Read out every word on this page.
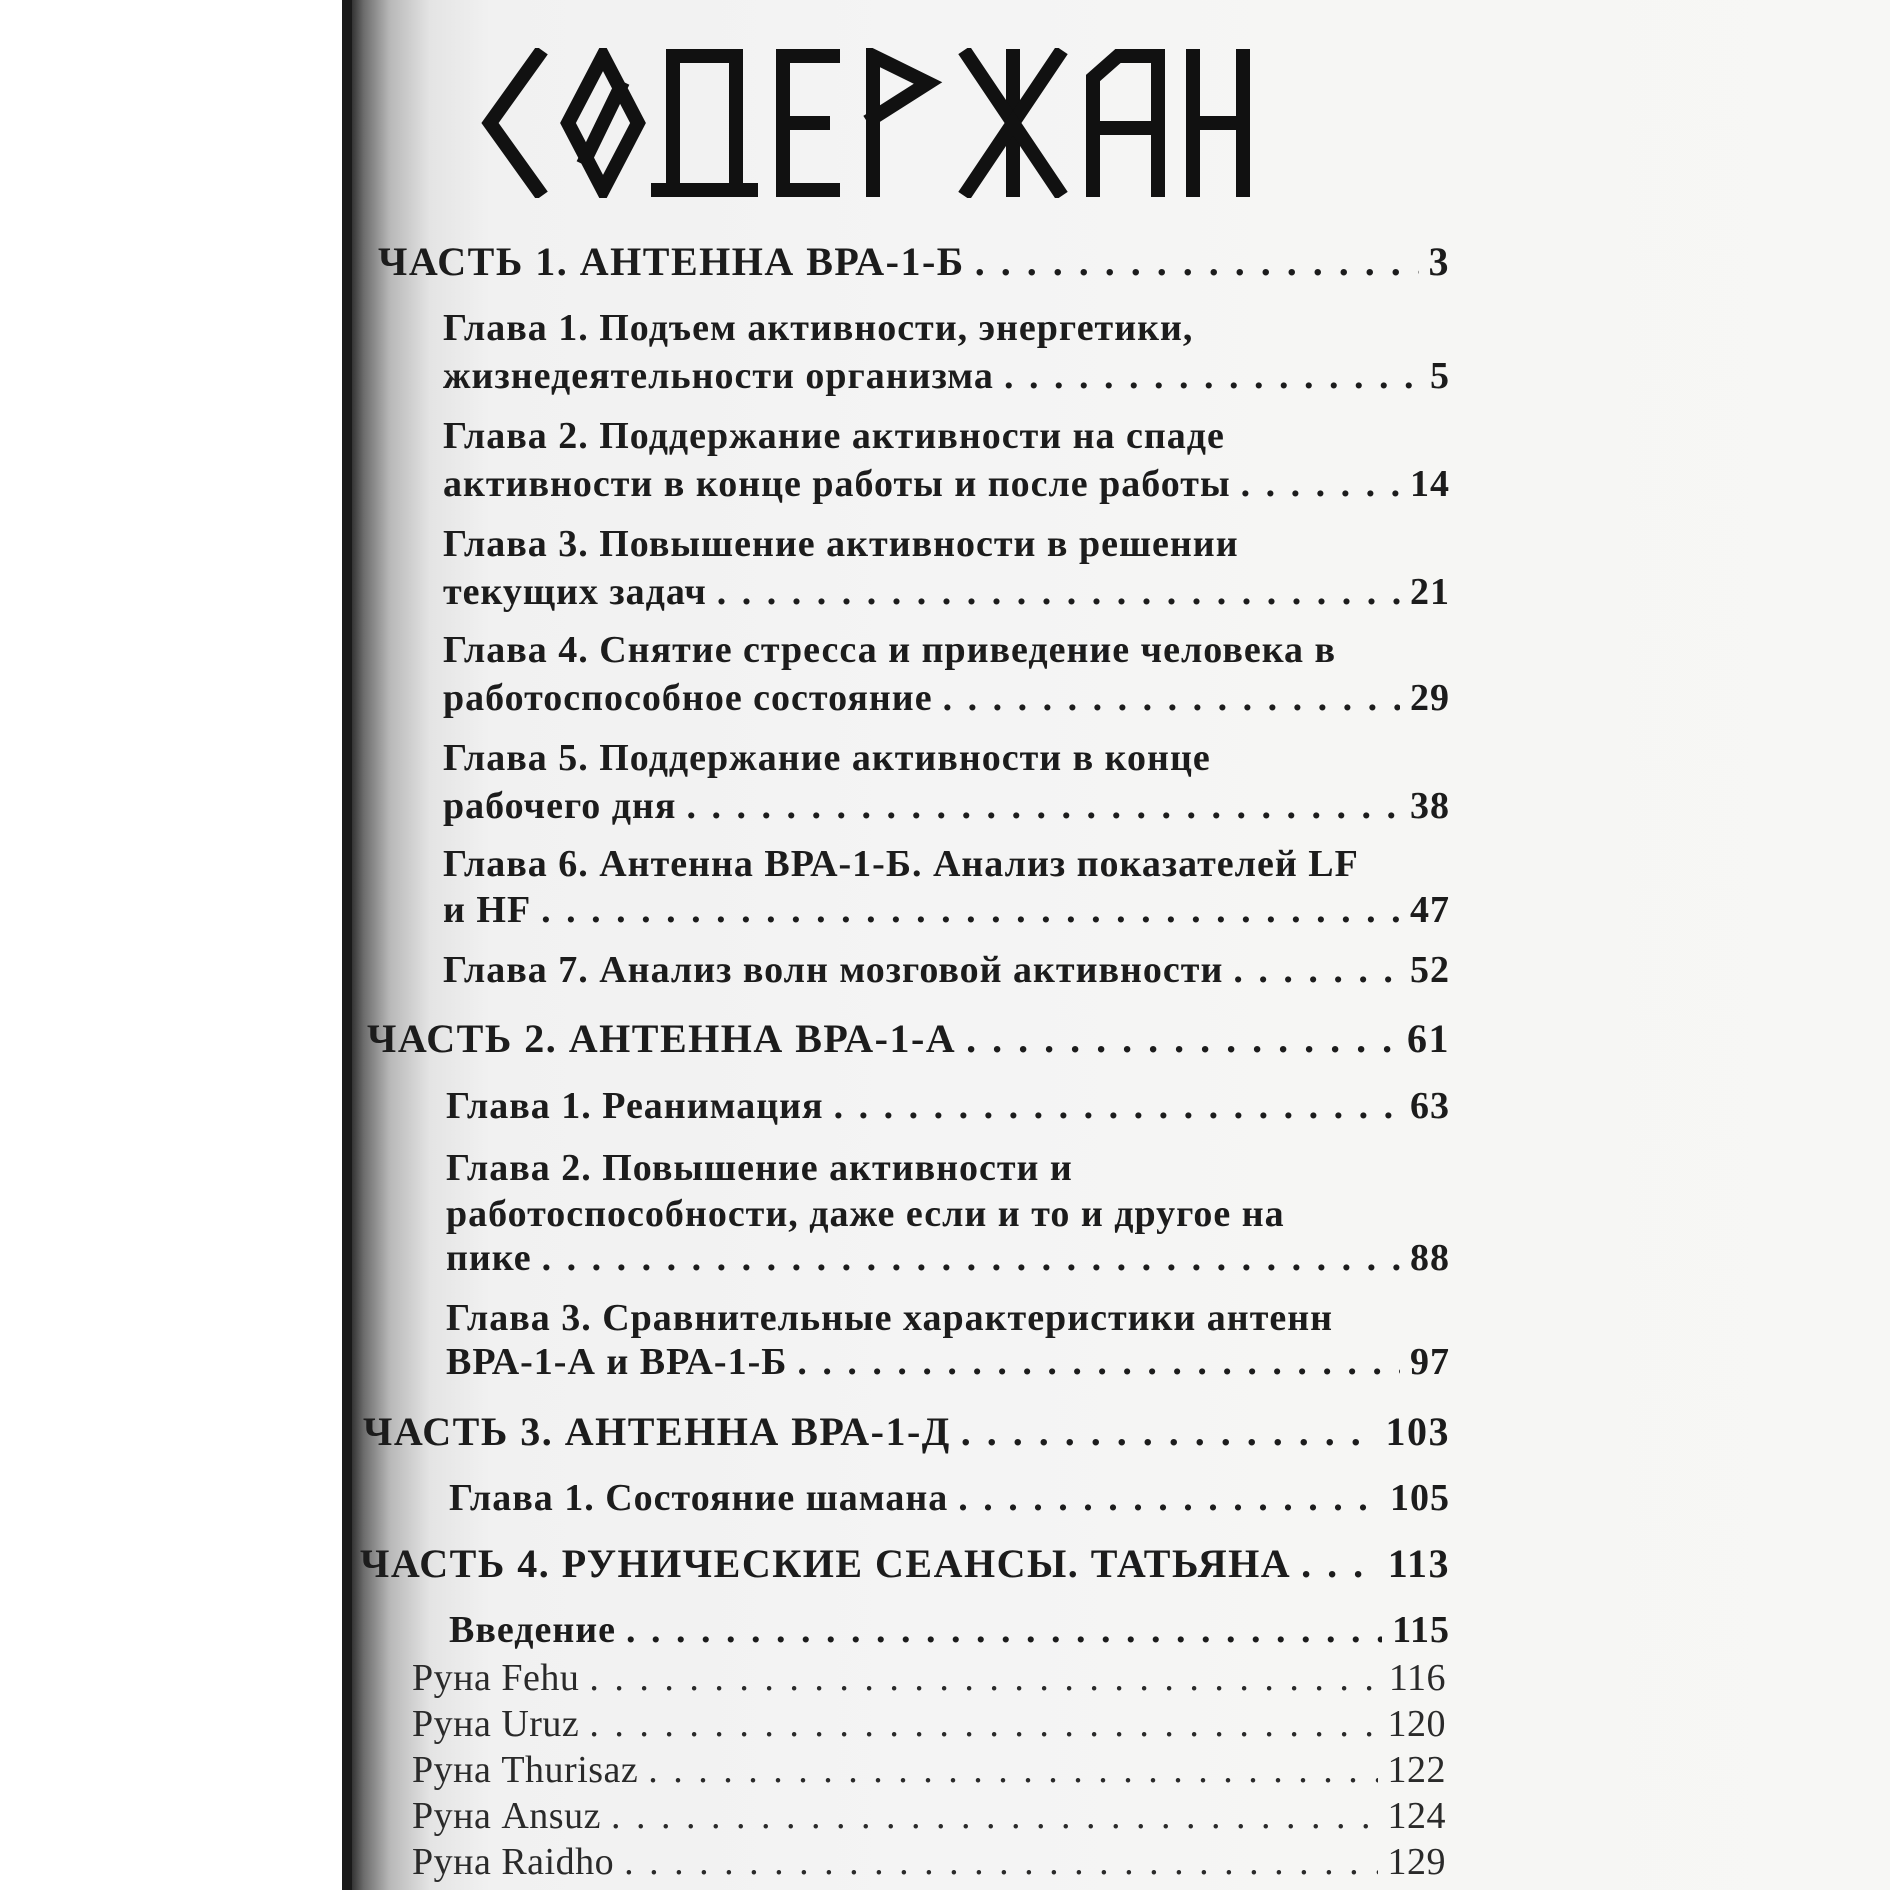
ЧАСТЬ 1. АНТЕННА ВРА-1-Б . . .	3
Глава 1. Подъем активности, энергетики,
жизнедеятельности организма . . .	5
Глава 2. Поддержание активности на спаде
активности в конце работы и после работы . . .	14
Глава 3. Повышение активности в решении
текущих задач . . .	21
Глава 4. Снятие стресса и приведение человека в
работоспособное состояние . . .	29
Глава 5. Поддержание активности в конце
рабочего дня . . .	38
Глава 6. Антенна ВРА-1-Б. Анализ показателей LF
и HF . . .	47
Глава 7. Анализ волн мозговой активности . . .	52
ЧАСТЬ 2. АНТЕННА ВРА-1-А . . .	61
Глава 1. Реанимация . . .	63
Глава 2. Повышение активности и
работоспособности, даже если и то и другое на
пике . . .	88
Глава 3. Сравнительные характеристики антенн
ВРА-1-А и ВРА-1-Б . . .	97
ЧАСТЬ 3. АНТЕННА ВРА-1-Д . . .	103
Глава 1. Состояние шамана . . .	105
ЧАСТЬ 4. РУНИЧЕСКИЕ СЕАНСЫ. ТАТЬЯНА . . . 113
Введение . . .	115
Руна Fehu . . .	116
Руна Uruz . . .	120
Руна Thurisaz . . .	122
Руна Ansuz . . .	124
Руна Raidho . . .	129
